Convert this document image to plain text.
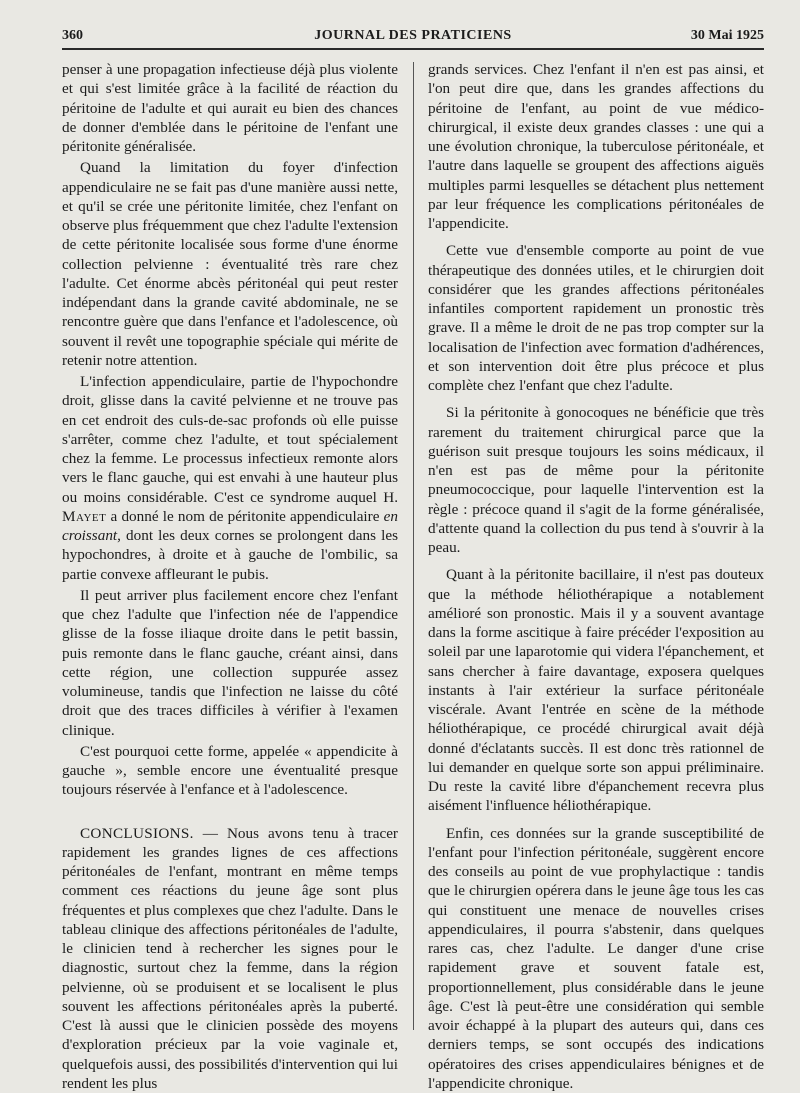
360	JOURNAL DES PRATICIENS	30 Mai 1925

penser à une propagation infectieuse déjà plus violente et qui s'est limitée grâce à la facilité de réaction du péritoine de l'adulte et qui aurait eu bien des chances de donner d'emblée dans le péritoine de l'enfant une péritonite généralisée.

Quand la limitation du foyer d'infection appendiculaire ne se fait pas d'une manière aussi nette, et qu'il se crée une péritonite limitée, chez l'enfant on observe plus fréquemment que chez l'adulte l'extension de cette péritonite localisée sous forme d'une énorme collection pelvienne : éventualité très rare chez l'adulte. Cet énorme abcès péritonéal qui peut rester indépendant dans la grande cavité abdominale, ne se rencontre guère que dans l'enfance et l'adolescence, où souvent il revêt une topographie spéciale qui mérite de retenir notre attention.

L'infection appendiculaire, partie de l'hypochondre droit, glisse dans la cavité pelvienne et ne trouve pas en cet endroit des culs-de-sac profonds où elle puisse s'arrêter, comme chez l'adulte, et tout spécialement chez la femme. Le processus infectieux remonte alors vers le flanc gauche, qui est envahi à une hauteur plus ou moins considérable. C'est ce syndrome auquel H. Mayet a donné le nom de péritonite appendiculaire en croissant, dont les deux cornes se prolongent dans les hypochondres, à droite et à gauche de l'ombilic, sa partie convexe affleurant le pubis.

Il peut arriver plus facilement encore chez l'enfant que chez l'adulte que l'infection née de l'appendice glisse de la fosse iliaque droite dans le petit bassin, puis remonte dans le flanc gauche, créant ainsi, dans cette région, une collection suppurée assez volumineuse, tandis que l'infection ne laisse du côté droit que des traces difficiles à vérifier à l'examen clinique.

C'est pourquoi cette forme, appelée « appendicite à gauche », semble encore une éventualité presque toujours réservée à l'enfance et à l'adolescence.

CONCLUSIONS. — Nous avons tenu à tracer rapidement les grandes lignes de ces affections péritonéales de l'enfant, montrant en même temps comment ces réactions du jeune âge sont plus fréquentes et plus complexes que chez l'adulte. Dans le tableau clinique des affections péritonéales de l'adulte, le clinicien tend à rechercher les signes pour le diagnostic, surtout chez la femme, dans la région pelvienne, où se produisent et se localisent le plus souvent les affections péritonéales après la puberté. C'est là aussi que le clinicien possède des moyens d'exploration précieux par la voie vaginale et, quelquefois aussi, des possibilités d'intervention qui lui rendent les plus

grands services. Chez l'enfant il n'en est pas ainsi, et l'on peut dire que, dans les grandes affections du péritoine de l'enfant, au point de vue médico-chirurgical, il existe deux grandes classes : une qui a une évolution chronique, la tuberculose péritonéale, et l'autre dans laquelle se groupent des affections aiguës multiples parmi lesquelles se détachent plus nettement par leur fréquence les complications péritonéales de l'appendicite.

Cette vue d'ensemble comporte au point de vue thérapeutique des données utiles, et le chirurgien doit considérer que les grandes affections péritonéales infantiles comportent rapidement un pronostic très grave. Il a même le droit de ne pas trop compter sur la localisation de l'infection avec formation d'adhérences, et son intervention doit être plus précoce et plus complète chez l'enfant que chez l'adulte.

Si la péritonite à gonocoques ne bénéficie que très rarement du traitement chirurgical parce que la guérison suit presque toujours les soins médicaux, il n'en est pas de même pour la péritonite pneumococcique, pour laquelle l'intervention est la règle : précoce quand il s'agit de la forme généralisée, d'attente quand la collection du pus tend à s'ouvrir à la peau.

Quant à la péritonite bacillaire, il n'est pas douteux que la méthode héliothérapique a notablement amélioré son pronostic. Mais il y a souvent avantage dans la forme ascitique à faire précéder l'exposition au soleil par une laparotomie qui videra l'épanchement, et sans chercher à faire davantage, exposera quelques instants à l'air extérieur la surface péritonéale viscérale. Avant l'entrée en scène de la méthode héliothérapique, ce procédé chirurgical avait déjà donné d'éclatants succès. Il est donc très rationnel de lui demander en quelque sorte son appui préliminaire. Du reste la cavité libre d'épanchement recevra plus aisément l'influence héliothérapique.

Enfin, ces données sur la grande susceptibilité de l'enfant pour l'infection péritonéale, suggèrent encore des conseils au point de vue prophylactique : tandis que le chirurgien opérera dans le jeune âge tous les cas qui constituent une menace de nouvelles crises appendiculaires, il pourra s'abstenir, dans quelques rares cas, chez l'adulte. Le danger d'une crise rapidement grave et souvent fatale est, proportionnellement, plus considérable dans le jeune âge. C'est là peut-être une considération qui semble avoir échappé à la plupart des auteurs qui, dans ces derniers temps, se sont occupés des indications opératoires des crises appendiculaires bénignes et de l'appendicite chronique.
